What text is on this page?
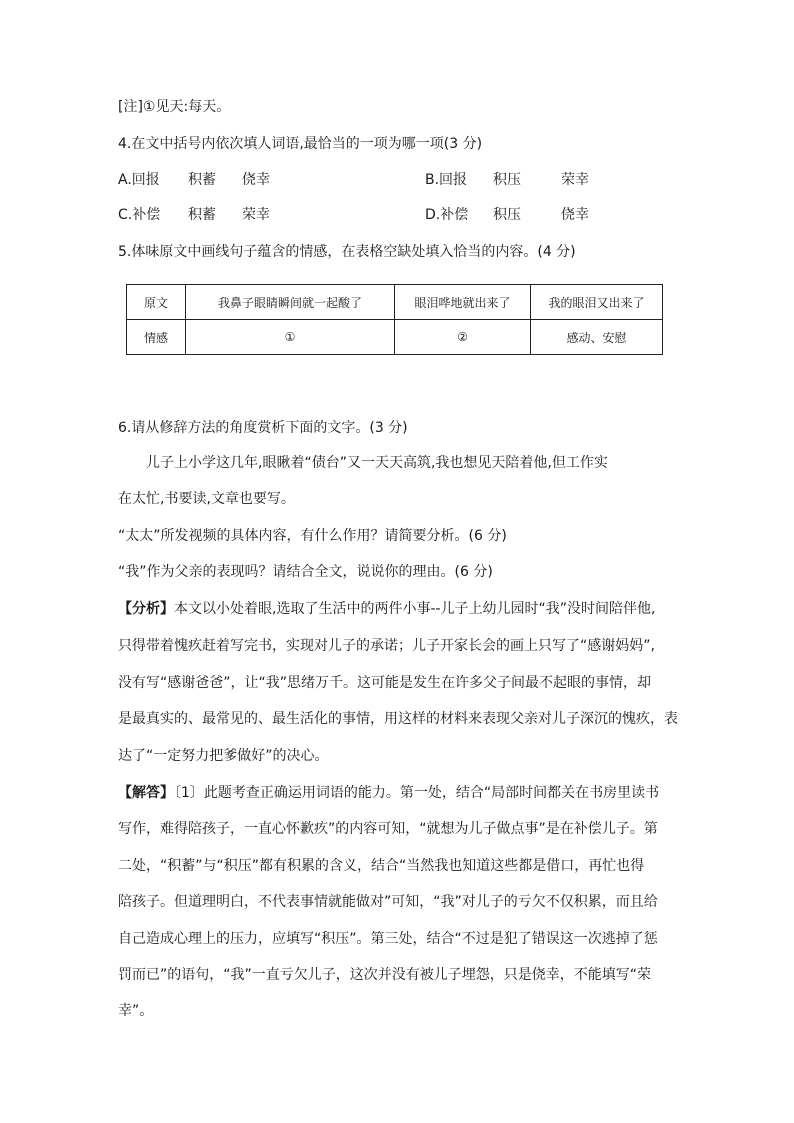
[注]①见天:每天。
4.在文中括号内依次填人词语,最恰当的一项为哪一项(3 分)
A.回报 积蓄 侥幸	B.回报 积压	荣幸
C.补偿 积蓄 荣幸	D.补偿 积压	侥幸
5.体味原文中画线句子蕴含的情感，在表格空缺处填入恰当的内容。(4 分)
原文	我鼻子眼睛瞬间就一起酸了	眼泪哗地就出来了	我的眼泪又出来了
情感	①	②	感动、安慰
6.请从修辞方法的角度赏析下面的文字。(3 分)
儿子上小学这几年,眼瞅着“债台”又一天天高筑,我也想见天陪着他,但工作实
在太忙,书要读,文章也要写。
“太太”所发视频的具体内容，有什么作用？请简要分析。(6 分)
“我”作为父亲的表现吗？请结合全文，说说你的理由。(6 分)
【分析】本文以小处着眼,选取了生活中的两件小事--儿子上幼儿园时“我”没时间陪伴他,
只得带着愧疚赶着写完书，实现对儿子的承诺；儿子开家长会的画上只写了“感谢妈妈”,
没有写“感谢爸爸”，让“我”思绪万千。这可能是发生在许多父子间最不起眼的事情，却
是最真实的、最常见的、最生活化的事情，用这样的材料来表现父亲对儿子深沉的愧疚，表
达了“一定努力把爹做好”的决心。
【解答】〔1〕此题考查正确运用词语的能力。第一处，结合“局部时间都关在书房里读书
写作，难得陪孩子，一直心怀歉疚”的内容可知，“就想为儿子做点事”是在补偿儿子。第
二处，“积蓄”与“积压”都有积累的含义，结合“当然我也知道这些都是借口，再忙也得
陪孩子。但道理明白，不代表事情就能做对”可知，“我”对儿子的亏欠不仅积累，而且给
自己造成心理上的压力，应填写“积压”。第三处，结合“不过是犯了错误这一次逃掉了惩
罚而已”的语句，“我”一直亏欠儿子，这次并没有被儿子埋怨，只是侥幸，不能填写“荣
幸”。
